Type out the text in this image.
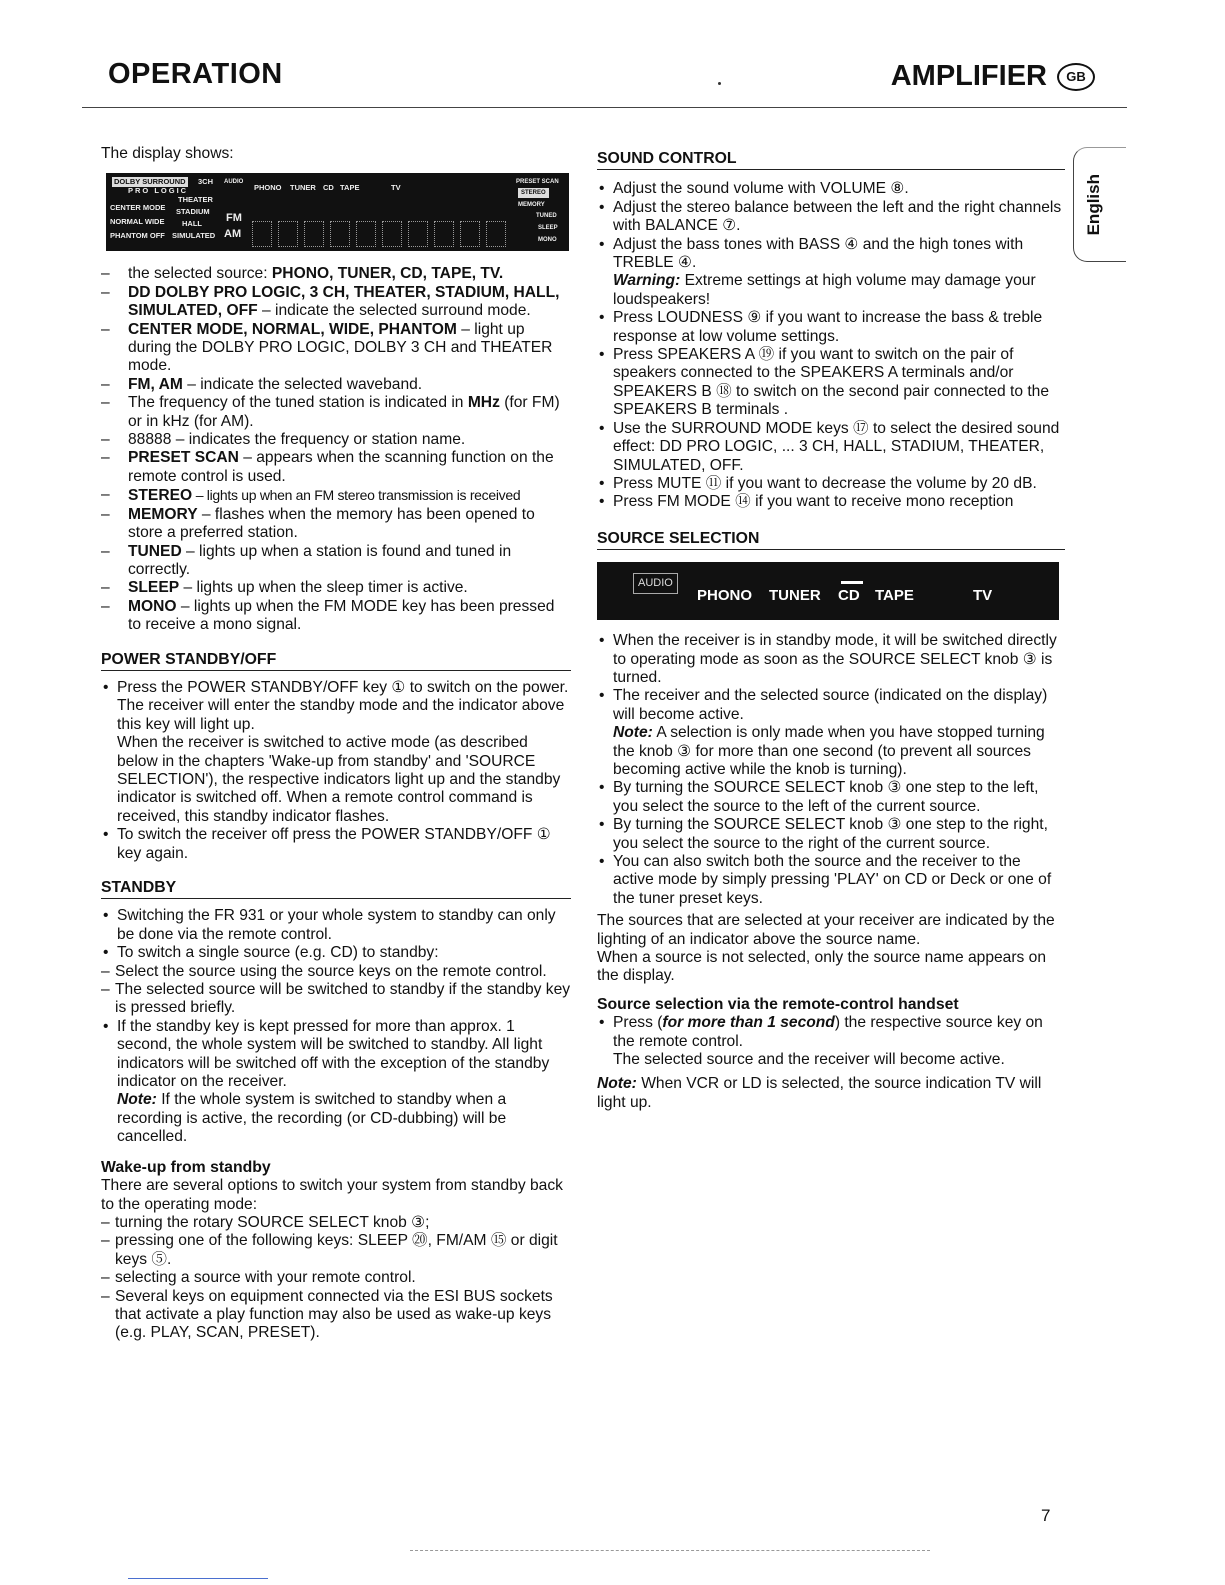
OPERATION	AMPLIFIER	GB
English
The display shows:
DOLBY SURROUND 3CH AUDIO
PHONO TUNER CD TAPE	TV
PRESET SCAN
PRO LOGIC	STEREO
CENTER MODE
THEATER
STADIUM
FM
MEMORY
NORMAL WIDE HALL
TUNED
PHANTOM OFF SIMULATED AM	SLEEP
MONO
– the selected source: PHONO, TUNER, CD, TAPE, TV.
– DD DOLBY PRO LOGIC, 3 CH, THEATER, STADIUM, HALL, SIMULATED, OFF – indicate the selected surround mode.
– CENTER MODE, NORMAL, WIDE, PHANTOM – light up during the DOLBY PRO LOGIC, DOLBY 3 CH and THEATER mode.
– FM, AM – indicate the selected waveband.
– The frequency of the tuned station is indicated in MHz (for FM) or in kHz (for AM).
– 88888 – indicates the frequency or station name.
– PRESET SCAN – appears when the scanning function on the remote control is used.
– STEREO – lights up when an FM stereo transmission is received
– MEMORY – flashes when the memory has been opened to store a preferred station.
– TUNED – lights up when a station is found and tuned in correctly.
– SLEEP – lights up when the sleep timer is active.
– MONO – lights up when the FM MODE key has been pressed to receive a mono signal.
POWER STANDBY/OFF
• Press the POWER STANDBY/OFF key ① to switch on the power. The receiver will enter the standby mode and the indicator above this key will light up.
When the receiver is switched to active mode (as described below in the chapters 'Wake-up from standby' and 'SOURCE SELECTION'), the respective indicators light up and the standby indicator is switched off. When a remote control command is received, this standby indicator flashes.
• To switch the receiver off press the POWER STANDBY/OFF ① key again.
STANDBY
• Switching the FR 931 or your whole system to standby can only be done via the remote control.
• To switch a single source (e.g. CD) to standby:
– Select the source using the source keys on the remote control.
– The selected source will be switched to standby if the standby key is pressed briefly.
• If the standby key is kept pressed for more than approx. 1 second, the whole system will be switched to standby. All light indicators will be switched off with the exception of the standby indicator on the receiver.
Note: If the whole system is switched to standby when a recording is active, the recording (or CD-dubbing) will be cancelled.
Wake-up from standby
There are several options to switch your system from standby back to the operating mode:
– turning the rotary SOURCE SELECT knob ③;
– pressing one of the following keys: SLEEP ⑳, FM/AM ⑮ or digit keys ⑤.
– selecting a source with your remote control.
– Several keys on equipment connected via the ESI BUS sockets that activate a play function may also be used as wake-up keys (e.g. PLAY, SCAN, PRESET).
SOUND CONTROL
• Adjust the sound volume with VOLUME ⑧.
• Adjust the stereo balance between the left and the right channels with BALANCE ⑦.
• Adjust the bass tones with BASS ④ and the high tones with TREBLE ④.
Warning: Extreme settings at high volume may damage your loudspeakers!
• Press LOUDNESS ⑨ if you want to increase the bass & treble response at low volume settings.
• Press SPEAKERS A ⑲ if you want to switch on the pair of speakers connected to the SPEAKERS A terminals and/or SPEAKERS B ⑱ to switch on the second pair connected to the SPEAKERS B terminals .
• Use the SURROUND MODE keys ⑰ to select the desired sound effect: DD PRO LOGIC, ... 3 CH, HALL, STADIUM, THEATER, SIMULATED, OFF.
• Press MUTE ⑪ if you want to decrease the volume by 20 dB.
• Press FM MODE ⑭ if you want to receive mono reception
SOURCE SELECTION
AUDIO
PHONO TUNER CD TAPE	TV
• When the receiver is in standby mode, it will be switched directly to operating mode as soon as the SOURCE SELECT knob ③ is turned.
• The receiver and the selected source (indicated on the display) will become active.
Note: A selection is only made when you have stopped turning the knob ③ for more than one second (to prevent all sources becoming active while the knob is turning).
• By turning the SOURCE SELECT knob ③ one step to the left, you select the source to the left of the current source.
• By turning the SOURCE SELECT knob ③ one step to the right, you select the source to the right of the current source.
• You can also switch both the source and the receiver to the active mode by simply pressing 'PLAY' on CD or Deck or one of the tuner preset keys.
The sources that are selected at your receiver are indicated by the lighting of an indicator above the source name.
When a source is not selected, only the source name appears on the display.
Source selection via the remote-control handset
• Press (for more than 1 second) the respective source key on the remote control.
The selected source and the receiver will become active.
Note: When VCR or LD is selected, the source indication TV will light up.
7
